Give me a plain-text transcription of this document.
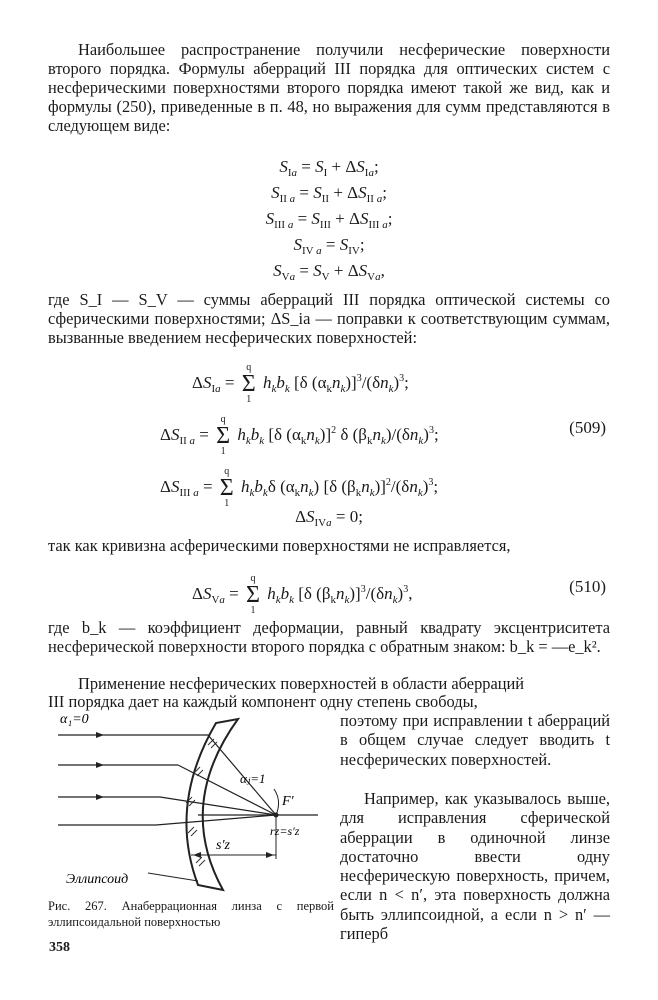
Наибольшее распространение получили несферические поверхности второго порядка. Формулы аберраций III порядка для оптических систем с несферическими поверхностями второго порядка имеют такой же вид, как и формулы (250), приведенные в п. 48, но выражения для сумм представляются в следующем виде:
$S_{Ia} = S_I + \Delta S_{Ia}$;
$S_{II a} = S_{II} + \Delta S_{II a}$;
$S_{III a} = S_{III} + \Delta S_{III a}$;
$S_{IV a} = S_{IV}$;
$S_{Va} = S_V + \Delta S_{Va}$,
где S_I — S_V — суммы аберраций III порядка оптической системы со сферическими поверхностями; ΔS_ia — поправки к соответствующим суммам, вызванные введением несферических поверхностей:
$\Delta S_{Ia}$ =
q
Σ
1
$h_kb_k$ [δ $(\alpha_kn_k)]^3/(\delta n_k)^3$;
$\Delta S_{II a}$ =
q
Σ
1
$h_kb_k$ [δ $(\alpha_kn_k)]^2$ δ $(\beta_kn_k)/(\delta n_k)^3$;	(509)
$\Delta S_{III a}$ =
q
Σ
1
$h_kb_k\delta$ $(\alpha_kn_k)$ [δ $(\beta_kn_k)]^2/(\delta n_k)^3$;
$\Delta S_{IVa} = 0$;
так как кривизна асферическими поверхностями не исправляется,
$\Delta S_{Va}$ =
q
Σ
1
$h_kb_k$ [δ $(\beta_kn_k)]^3/(\delta n_k)^3$,	(510)
где b_k — коэффициент деформации, равный квадрату эксцентриситета несферической поверхности второго порядка с обратным знаком: b_k = —e_k².
Применение несферических поверхностей в области аберраций
III порядка дает на каждый компонент одну степень свободы,
поэтому при исправлении t аберраций в общем случае следует вводить t несферических поверхностей.
Например, как указывалось выше, для исправления сферической аберрации в одиночной линзе достаточно ввести одну несферическую поверхность, причем, если n < n′, эта поверхность должна быть эллипсоидной, а если n > n′ — гиперб
α₁=0
αⱼ=1
F′
s′z
rz=s′z
Эллипсоид
Рис. 267. Анаберрационная линза с первой эллипсоидальной поверхностью
358
